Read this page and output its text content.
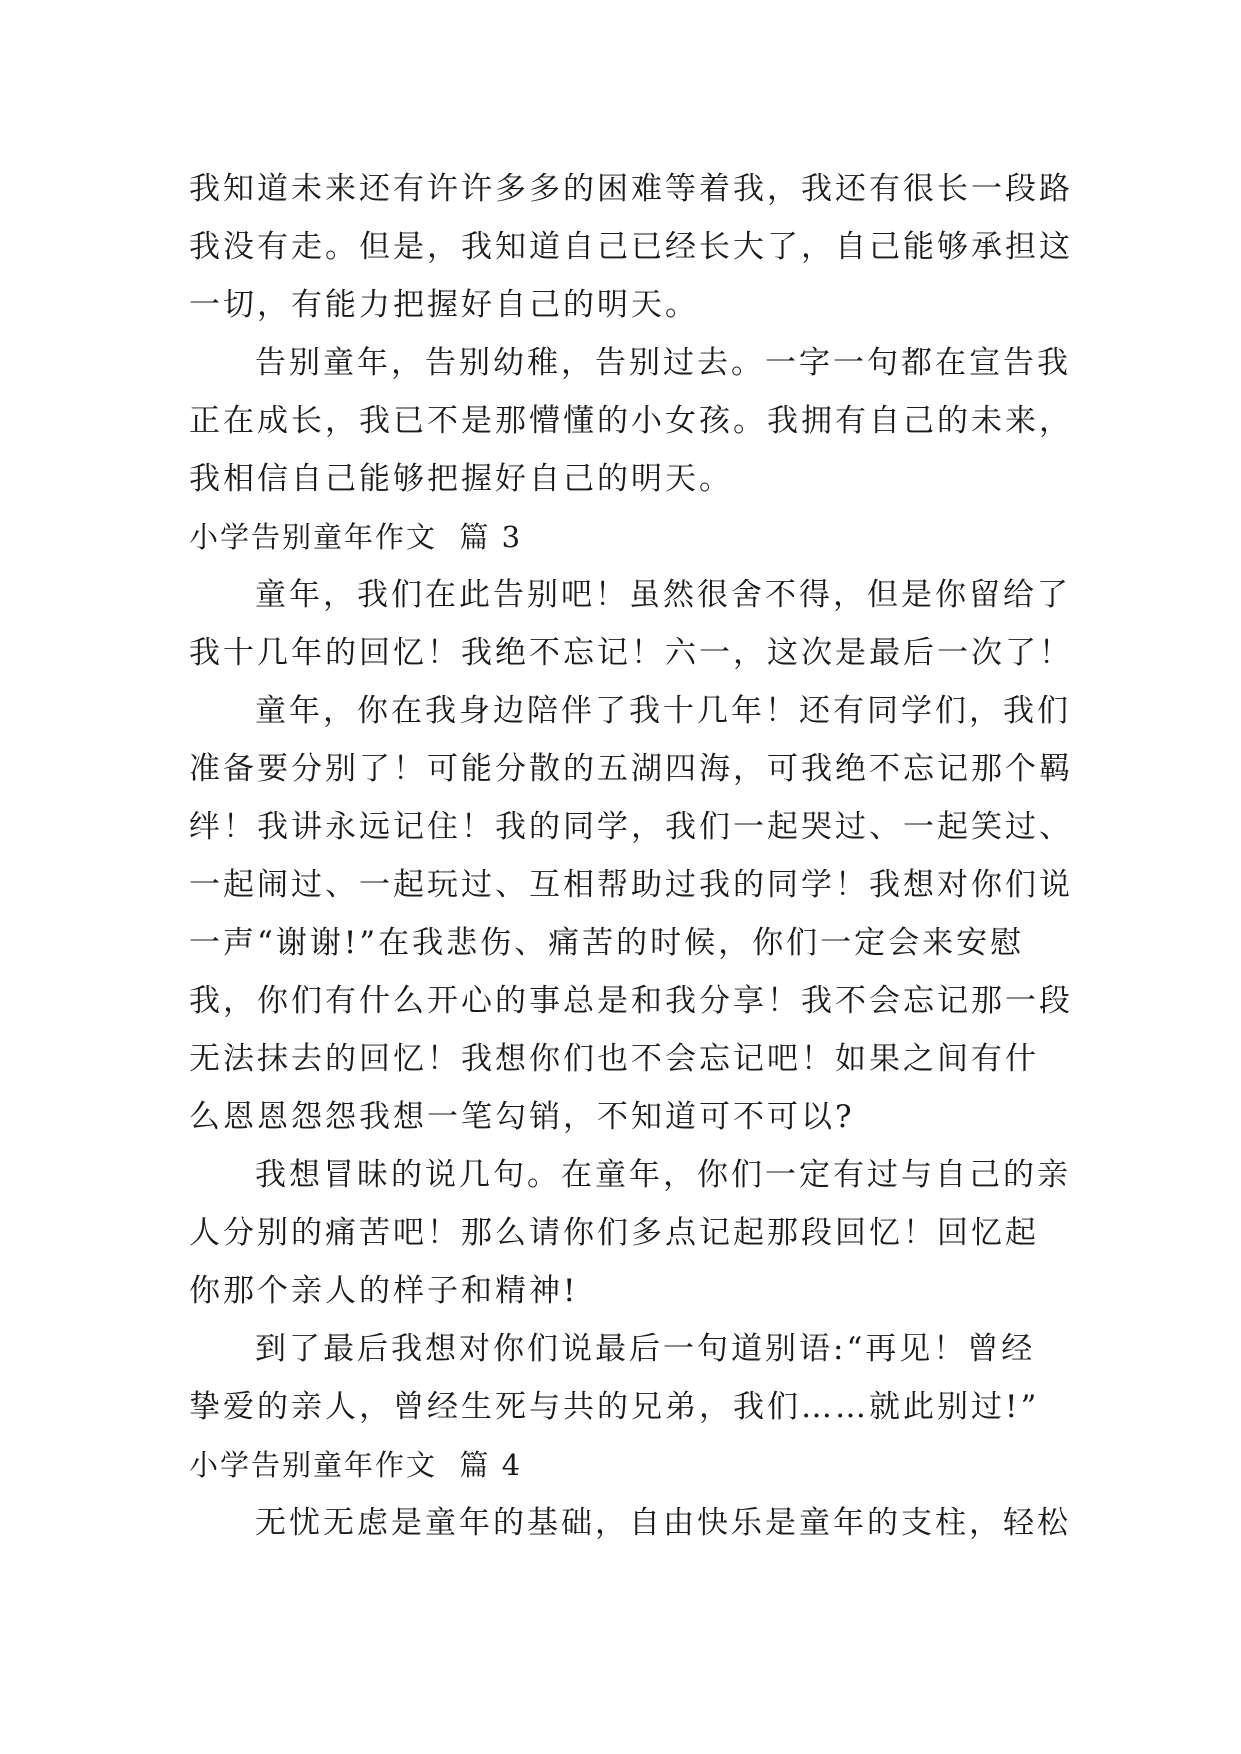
我知道未来还有许许多多的困难等着我，我还有很长一段路
我没有走。但是，我知道自己已经长大了，自己能够承担这
一切，有能力把握好自己的明天。
告别童年，告别幼稚，告别过去。一字一句都在宣告我
正在成长，我已不是那懵懂的小女孩。我拥有自己的未来，
我相信自己能够把握好自己的明天。
小学告别童年作文  篇 3
童年，我们在此告别吧！虽然很舍不得，但是你留给了
我十几年的回忆！我绝不忘记！六一，这次是最后一次了！
童年，你在我身边陪伴了我十几年！还有同学们，我们
准备要分别了！可能分散的五湖四海，可我绝不忘记那个羁
绊！我讲永远记住！我的同学，我们一起哭过、一起笑过、
一起闹过、一起玩过、互相帮助过我的同学！我想对你们说
一声“谢谢!”在我悲伤、痛苦的时候，你们一定会来安慰
我，你们有什么开心的事总是和我分享！我不会忘记那一段
无法抹去的回忆！我想你们也不会忘记吧！如果之间有什
么恩恩怨怨我想一笔勾销，不知道可不可以?
我想冒昧的说几句。在童年，你们一定有过与自己的亲
人分别的痛苦吧！那么请你们多点记起那段回忆！回忆起
你那个亲人的样子和精神!
到了最后我想对你们说最后一句道别语:“再见！曾经
挚爱的亲人，曾经生死与共的兄弟，我们……就此别过!”
小学告别童年作文  篇 4
无忧无虑是童年的基础，自由快乐是童年的支柱，轻松
